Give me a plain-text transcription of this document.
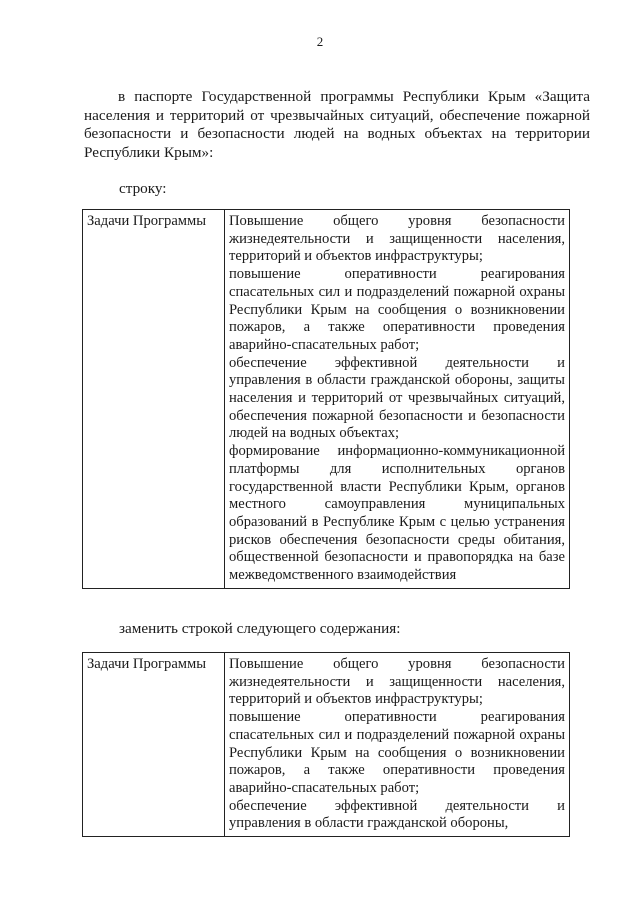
2

в паспорте Государственной программы Республики Крым «Защита населения и территорий от чрезвычайных ситуаций, обеспечение пожарной безопасности и безопасности людей на водных объектах на территории Республики Крым»:

строку:

Задачи Программы	Повышение общего уровня безопасности жизнедеятельности и защищенности населения, территорий и объектов инфраструктуры;
повышение оперативности реагирования спасательных сил и подразделений пожарной охраны Республики Крым на сообщения о возникновении пожаров, а также оперативности проведения аварийно-спасательных работ;
обеспечение эффективной деятельности и управления в области гражданской обороны, защиты населения и территорий от чрезвычайных ситуаций, обеспечения пожарной безопасности и безопасности людей на водных объектах;
формирование информационно-коммуникационной платформы для исполнительных органов государственной власти Республики Крым, органов местного самоуправления муниципальных образований в Республике Крым с целью устранения рисков обеспечения безопасности среды обитания, общественной безопасности и правопорядка на базе межведомственного взаимодействия

заменить строкой следующего содержания:

Задачи Программы	Повышение общего уровня безопасности жизнедеятельности и защищенности населения, территорий и объектов инфраструктуры;
повышение оперативности реагирования спасательных сил и подразделений пожарной охраны Республики Крым на сообщения о возникновении пожаров, а также оперативности проведения аварийно-спасательных работ;
обеспечение эффективной деятельности и управления в области гражданской обороны,
